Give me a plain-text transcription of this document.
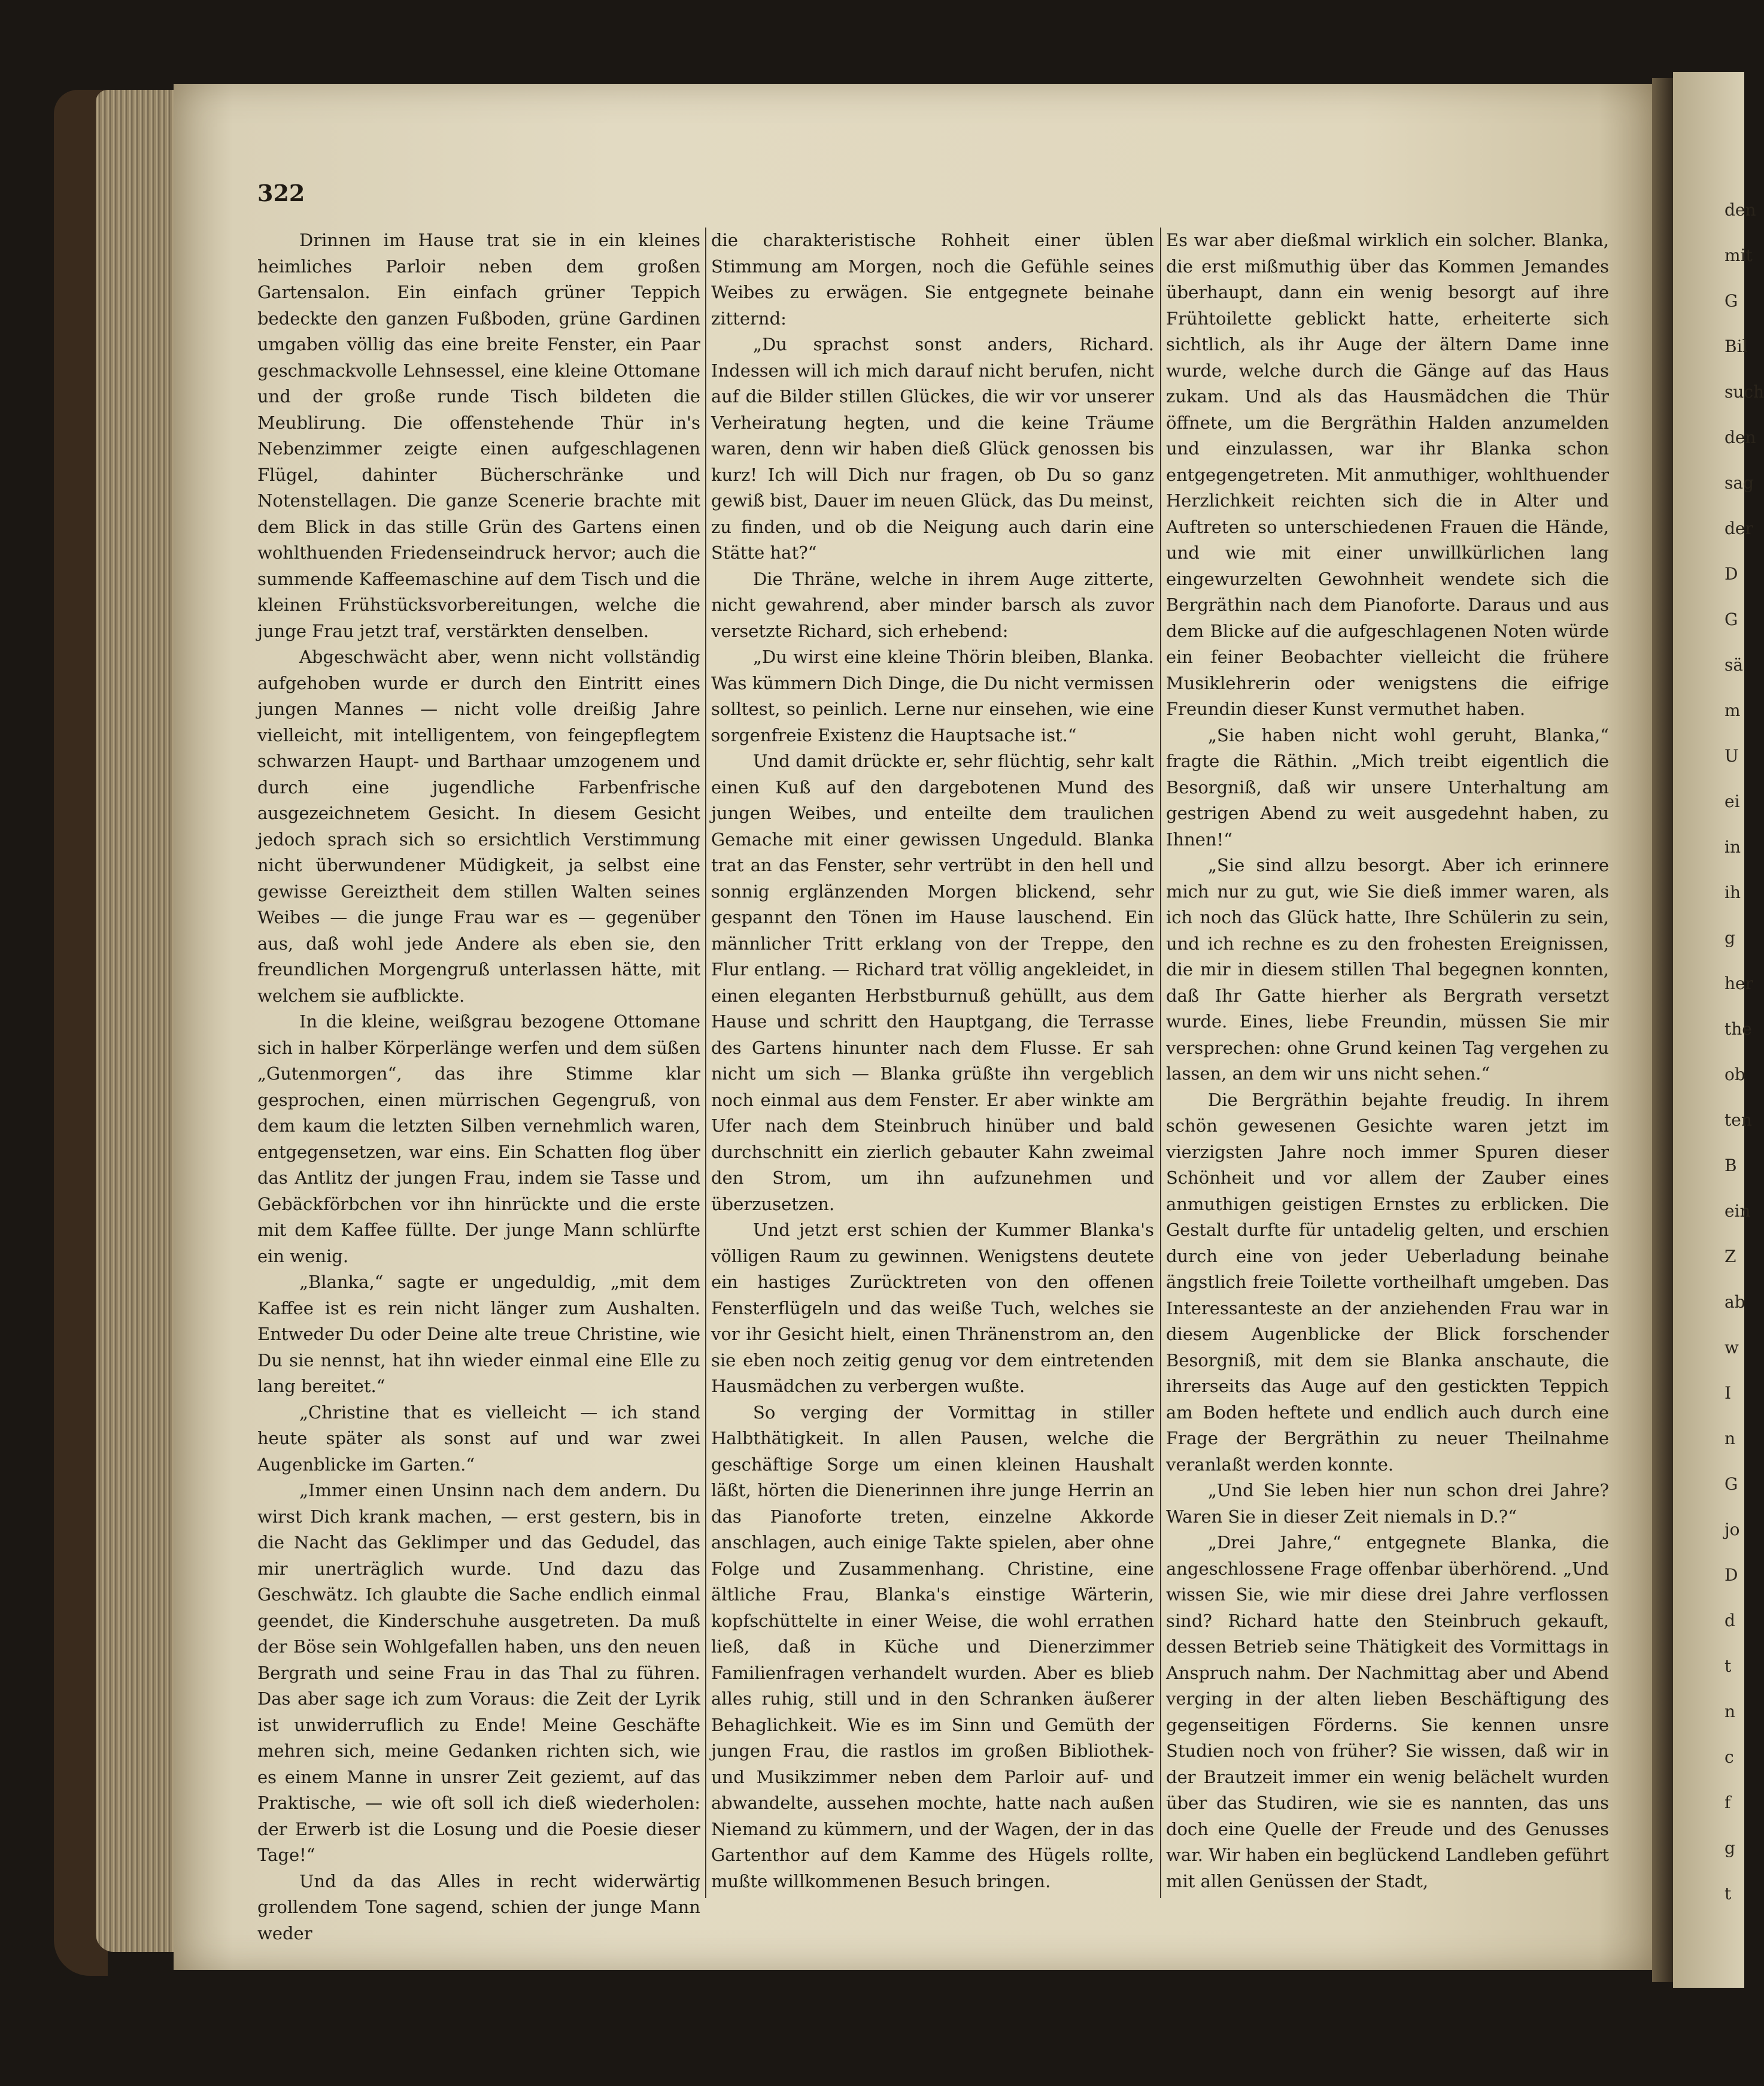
den
mit
G
Bil
such
den
sag
der
D
G
sä
m
U
ei
in
ih
g
her
the
ob
ten
B
ein
Z
ab
w
I
n
G
jo
D
d
t
n
c
f
g
t
322

Drinnen im Hause trat sie in ein kleines heimliches Parloir neben dem großen Gartensalon. Ein einfach grüner Teppich bedeckte den ganzen Fußboden, grüne Gardinen umgaben völlig das eine breite Fenster, ein Paar geschmackvolle Lehnsessel, eine kleine Ottomane und der große runde Tisch bildeten die Meublirung. Die offenstehende Thür in's Nebenzimmer zeigte einen aufgeschlagenen Flügel, dahinter Bücherschränke und Notenstellagen. Die ganze Scenerie brachte mit dem Blick in das stille Grün des Gartens einen wohlthuenden Friedenseindruck hervor; auch die summende Kaffeemaschine auf dem Tisch und die kleinen Frühstücksvorbereitungen, welche die junge Frau jetzt traf, verstärkten denselben.

Abgeschwächt aber, wenn nicht vollständig aufgehoben wurde er durch den Eintritt eines jungen Mannes — nicht volle dreißig Jahre vielleicht, mit intelligentem, von feingepflegtem schwarzen Haupt- und Barthaar umzogenem und durch eine jugendliche Farbenfrische ausgezeichnetem Gesicht. In diesem Gesicht jedoch sprach sich so ersichtlich Verstimmung nicht überwundener Müdigkeit, ja selbst eine gewisse Gereiztheit dem stillen Walten seines Weibes — die junge Frau war es — gegenüber aus, daß wohl jede Andere als eben sie, den freundlichen Morgengruß unterlassen hätte, mit welchem sie aufblickte.

In die kleine, weißgrau bezogene Ottomane sich in halber Körperlänge werfen und dem süßen „Gutenmorgen“, das ihre Stimme klar gesprochen, einen mürrischen Gegengruß, von dem kaum die letzten Silben vernehmlich waren, entgegensetzen, war eins. Ein Schatten flog über das Antlitz der jungen Frau, indem sie Tasse und Gebäckförbchen vor ihn hinrückte und die erste mit dem Kaffee füllte. Der junge Mann schlürfte ein wenig.

„Blanka,“ sagte er ungeduldig, „mit dem Kaffee ist es rein nicht länger zum Aushalten. Entweder Du oder Deine alte treue Christine, wie Du sie nennst, hat ihn wieder einmal eine Elle zu lang bereitet.“

„Christine that es vielleicht — ich stand heute später als sonst auf und war zwei Augenblicke im Garten.“

„Immer einen Unsinn nach dem andern. Du wirst Dich krank machen, — erst gestern, bis in die Nacht das Geklimper und das Gedudel, das mir unerträglich wurde. Und dazu das Geschwätz. Ich glaubte die Sache endlich einmal geendet, die Kinderschuhe ausgetreten. Da muß der Böse sein Wohlgefallen haben, uns den neuen Bergrath und seine Frau in das Thal zu führen. Das aber sage ich zum Voraus: die Zeit der Lyrik ist unwiderruflich zu Ende! Meine Geschäfte mehren sich, meine Gedanken richten sich, wie es einem Manne in unsrer Zeit geziemt, auf das Praktische, — wie oft soll ich dieß wiederholen: der Erwerb ist die Losung und die Poesie dieser Tage!“

Und da das Alles in recht widerwärtig grollendem Tone sagend, schien der junge Mann weder

die charakteristische Rohheit einer üblen Stimmung am Morgen, noch die Gefühle seines Weibes zu erwägen. Sie entgegnete beinahe zitternd:

„Du sprachst sonst anders, Richard. Indessen will ich mich darauf nicht berufen, nicht auf die Bilder stillen Glückes, die wir vor unserer Verheiratung hegten, und die keine Träume waren, denn wir haben dieß Glück genossen bis kurz! Ich will Dich nur fragen, ob Du so ganz gewiß bist, Dauer im neuen Glück, das Du meinst, zu finden, und ob die Neigung auch darin eine Stätte hat?“

Die Thräne, welche in ihrem Auge zitterte, nicht gewahrend, aber minder barsch als zuvor versetzte Richard, sich erhebend:

„Du wirst eine kleine Thörin bleiben, Blanka. Was kümmern Dich Dinge, die Du nicht vermissen solltest, so peinlich. Lerne nur einsehen, wie eine sorgenfreie Existenz die Hauptsache ist.“

Und damit drückte er, sehr flüchtig, sehr kalt einen Kuß auf den dargebotenen Mund des jungen Weibes, und enteilte dem traulichen Gemache mit einer gewissen Ungeduld. Blanka trat an das Fenster, sehr vertrübt in den hell und sonnig erglänzenden Morgen blickend, sehr gespannt den Tönen im Hause lauschend. Ein männlicher Tritt erklang von der Treppe, den Flur entlang. — Richard trat völlig angekleidet, in einen eleganten Herbstburnuß gehüllt, aus dem Hause und schritt den Hauptgang, die Terrasse des Gartens hinunter nach dem Flusse. Er sah nicht um sich — Blanka grüßte ihn vergeblich noch einmal aus dem Fenster. Er aber winkte am Ufer nach dem Steinbruch hinüber und bald durchschnitt ein zierlich gebauter Kahn zweimal den Strom, um ihn aufzunehmen und überzusetzen.

Und jetzt erst schien der Kummer Blanka's völligen Raum zu gewinnen. Wenigstens deutete ein hastiges Zurücktreten von den offenen Fensterflügeln und das weiße Tuch, welches sie vor ihr Gesicht hielt, einen Thränenstrom an, den sie eben noch zeitig genug vor dem eintretenden Hausmädchen zu verbergen wußte.

So verging der Vormittag in stiller Halbthätigkeit. In allen Pausen, welche die geschäftige Sorge um einen kleinen Haushalt läßt, hörten die Dienerinnen ihre junge Herrin an das Pianoforte treten, einzelne Akkorde anschlagen, auch einige Takte spielen, aber ohne Folge und Zusammenhang. Christine, eine ältliche Frau, Blanka's einstige Wärterin, kopfschüttelte in einer Weise, die wohl errathen ließ, daß in Küche und Dienerzimmer Familienfragen verhandelt wurden. Aber es blieb alles ruhig, still und in den Schranken äußerer Behaglichkeit. Wie es im Sinn und Gemüth der jungen Frau, die rastlos im großen Bibliothek- und Musikzimmer neben dem Parloir auf- und abwandelte, aussehen mochte, hatte nach außen Niemand zu kümmern, und der Wagen, der in das Gartenthor auf dem Kamme des Hügels rollte, mußte willkommenen Besuch bringen.

Es war aber dießmal wirklich ein solcher. Blanka, die erst mißmuthig über das Kommen Jemandes überhaupt, dann ein wenig besorgt auf ihre Frühtoilette geblickt hatte, erheiterte sich sichtlich, als ihr Auge der ältern Dame inne wurde, welche durch die Gänge auf das Haus zukam. Und als das Hausmädchen die Thür öffnete, um die Bergräthin Halden anzumelden und einzulassen, war ihr Blanka schon entgegengetreten. Mit anmuthiger, wohlthuender Herzlichkeit reichten sich die in Alter und Auftreten so unterschiedenen Frauen die Hände, und wie mit einer unwillkürlichen lang eingewurzelten Gewohnheit wendete sich die Bergräthin nach dem Pianoforte. Daraus und aus dem Blicke auf die aufgeschlagenen Noten würde ein feiner Beobachter vielleicht die frühere Musiklehrerin oder wenigstens die eifrige Freundin dieser Kunst vermuthet haben.

„Sie haben nicht wohl geruht, Blanka,“ fragte die Räthin. „Mich treibt eigentlich die Besorgniß, daß wir unsere Unterhaltung am gestrigen Abend zu weit ausgedehnt haben, zu Ihnen!“

„Sie sind allzu besorgt. Aber ich erinnere mich nur zu gut, wie Sie dieß immer waren, als ich noch das Glück hatte, Ihre Schülerin zu sein, und ich rechne es zu den frohesten Ereignissen, die mir in diesem stillen Thal begegnen konnten, daß Ihr Gatte hierher als Bergrath versetzt wurde. Eines, liebe Freundin, müssen Sie mir versprechen: ohne Grund keinen Tag vergehen zu lassen, an dem wir uns nicht sehen.“

Die Bergräthin bejahte freudig. In ihrem schön gewesenen Gesichte waren jetzt im vierzigsten Jahre noch immer Spuren dieser Schönheit und vor allem der Zauber eines anmuthigen geistigen Ernstes zu erblicken. Die Gestalt durfte für untadelig gelten, und erschien durch eine von jeder Ueberladung beinahe ängstlich freie Toilette vortheilhaft umgeben. Das Interessanteste an der anziehenden Frau war in diesem Augenblicke der Blick forschender Besorgniß, mit dem sie Blanka anschaute, die ihrerseits das Auge auf den gestickten Teppich am Boden heftete und endlich auch durch eine Frage der Bergräthin zu neuer Theilnahme veranlaßt werden konnte.

„Und Sie leben hier nun schon drei Jahre? Waren Sie in dieser Zeit niemals in D.?“

„Drei Jahre,“ entgegnete Blanka, die angeschlossene Frage offenbar überhörend. „Und wissen Sie, wie mir diese drei Jahre verflossen sind? Richard hatte den Steinbruch gekauft, dessen Betrieb seine Thätigkeit des Vormittags in Anspruch nahm. Der Nachmittag aber und Abend verging in der alten lieben Beschäftigung des gegenseitigen Förderns. Sie kennen unsre Studien noch von früher? Sie wissen, daß wir in der Brautzeit immer ein wenig belächelt wurden über das Studiren, wie sie es nannten, das uns doch eine Quelle der Freude und des Genusses war. Wir haben ein beglückend Landleben geführt mit allen Genüssen der Stadt,
